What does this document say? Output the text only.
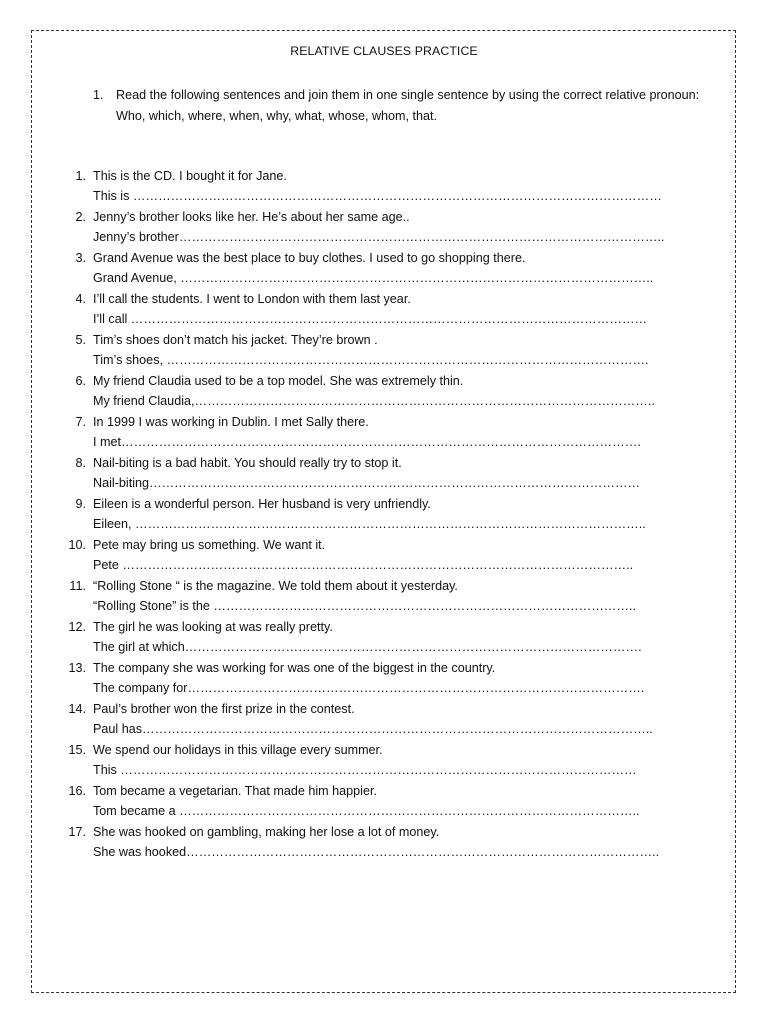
RELATIVE CLAUSES PRACTICE
1. Read the following sentences and join them in one single sentence by using the correct relative pronoun: Who, which, where, when, why, what, whose, whom, that.
1. This is the CD. I bought it for Jane.
This is ………………………………………………………………………………………………………………
2. Jenny’s brother looks like her. He’s about her same age..
Jenny’s brother……………………………………………………………………………………………………..
3. Grand Avenue was the best place to buy clothes. I used to go shopping there.
Grand Avenue, …………………………………………………………………………………………………..
4. I’ll call the students. I went to London with them last year.
I’ll call ……………………………………………………………………………………………………………
5. Tim’s shoes don’t match his jacket. They’re brown .
Tim’s shoes, …………………………………………………………………………………………………….
6. My friend Claudia used to be a top model. She was extremely thin.
My friend Claudia,………………………………………………………………………………………………..
7. In 1999 I was working in Dublin. I met Sally there.
I met…………………………………………………………………………………………………………….
8. Nail-biting is a bad habit. You should really try to stop it.
Nail-biting………………………………………………………………………………………………………
9. Eileen is a wonderful person. Her husband is very unfriendly.
Eileen, …………………………………………………………………………………………………………..
10. Pete may bring us something. We want it.
Pete …………………………………………………………………………………………………………..
11. “Rolling Stone “ is the magazine. We told them about it yesterday.
“Rolling Stone” is the ………………………………………………………………………………………..
12. The girl he was looking at was really pretty.
The girl at which……………………………………………………………………………………………….
13. The company she was working for was one of the biggest in the country.
The company for……………………………………………………………………………………………….
14. Paul’s brother won the first prize in the contest.
Paul has…………………………………………………………………………………………………………..
15. We spend our holidays in this village every summer.
This ……………………………………………………………………………………………………………
16. Tom became a vegetarian. That made him happier.
Tom became a ………………………………………………………………………………………………..
17. She was hooked on gambling, making her lose a lot of money.
She was hooked…………………………………………………………………………………………………..
